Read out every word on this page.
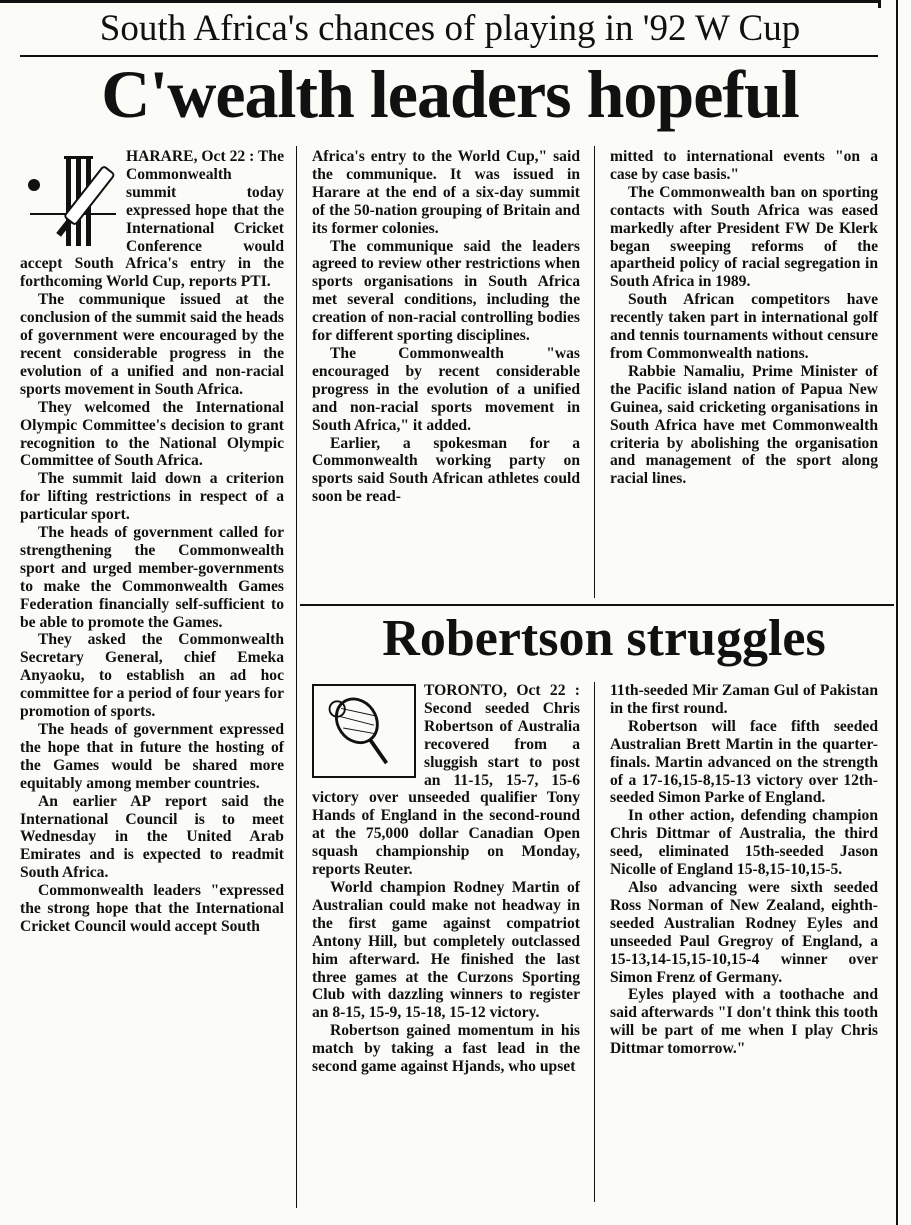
South Africa's chances of playing in '92 W Cup
C'wealth leaders hopeful

HARARE, Oct 22 : The Commonwealth summit today expressed hope that the International Cricket Conference would accept South Africa's entry in the forthcoming World Cup, reports PTI.

The communique issued at the conclusion of the summit said the heads of government were encouraged by the recent considerable progress in the evolution of a unified and non-racial sports movement in South Africa.

They welcomed the International Olympic Committee's decision to grant recognition to the National Olympic Committee of South Africa.

The summit laid down a criterion for lifting restrictions in respect of a particular sport.

The heads of government called for strengthening the Commonwealth sport and urged member-governments to make the Commonwealth Games Federation financially self-sufficient to be able to promote the Games.

They asked the Commonwealth Secretary General, chief Emeka Anyaoku, to establish an ad hoc committee for a period of four years for promotion of sports.

The heads of government expressed the hope that in future the hosting of the Games would be shared more equitably among member countries.

An earlier AP report said the International Council is to meet Wednesday in the United Arab Emirates and is expected to readmit South Africa.

Commonwealth leaders "expressed the strong hope that the International Cricket Council would accept South

Africa's entry to the World Cup," said the communique. It was issued in Harare at the end of a six-day summit of the 50-nation grouping of Britain and its former colonies.

The communique said the leaders agreed to review other restrictions when sports organisations in South Africa met several conditions, including the creation of non-racial controlling bodies for different sporting disciplines.

The Commonwealth "was encouraged by recent considerable progress in the evolution of a unified and non-racial sports movement in South Africa," it added.

Earlier, a spokesman for a Commonwealth working party on sports said South African athletes could soon be read-

mitted to international events "on a case by case basis."

The Commonwealth ban on sporting contacts with South Africa was eased markedly after President FW De Klerk began sweeping reforms of the apartheid policy of racial segregation in South Africa in 1989.

South African competitors have recently taken part in international golf and tennis tournaments without censure from Commonwealth nations.

Rabbie Namaliu, Prime Minister of the Pacific island nation of Papua New Guinea, said cricketing organisations in South Africa have met Commonwealth criteria by abolishing the organisation and management of the sport along racial lines.

Robertson struggles

TORONTO, Oct 22 : Second seeded Chris Robertson of Australia recovered from a sluggish start to post an 11-15, 15-7, 15-6 victory over unseeded qualifier Tony Hands of England in the second-round at the 75,000 dollar Canadian Open squash championship on Monday, reports Reuter.

World champion Rodney Martin of Australian could make not headway in the first game against compatriot Antony Hill, but completely outclassed him afterward. He finished the last three games at the Curzons Sporting Club with dazzling winners to register an 8-15, 15-9, 15-18, 15-12 victory.

Robertson gained momentum in his match by taking a fast lead in the second game against Hjands, who upset

11th-seeded Mir Zaman Gul of Pakistan in the first round.

Robertson will face fifth seeded Australian Brett Martin in the quarter-finals. Martin advanced on the strength of a 17-16,15-8,15-13 victory over 12th-seeded Simon Parke of England.

In other action, defending champion Chris Dittmar of Australia, the third seed, eliminated 15th-seeded Jason Nicolle of England 15-8,15-10,15-5.

Also advancing were sixth seeded Ross Norman of New Zealand, eighth-seeded Australian Rodney Eyles and unseeded Paul Gregroy of England, a 15-13,14-15,15-10,15-4 winner over Simon Frenz of Germany.

Eyles played with a toothache and said afterwards "I don't think this tooth will be part of me when I play Chris Dittmar tomorrow."
